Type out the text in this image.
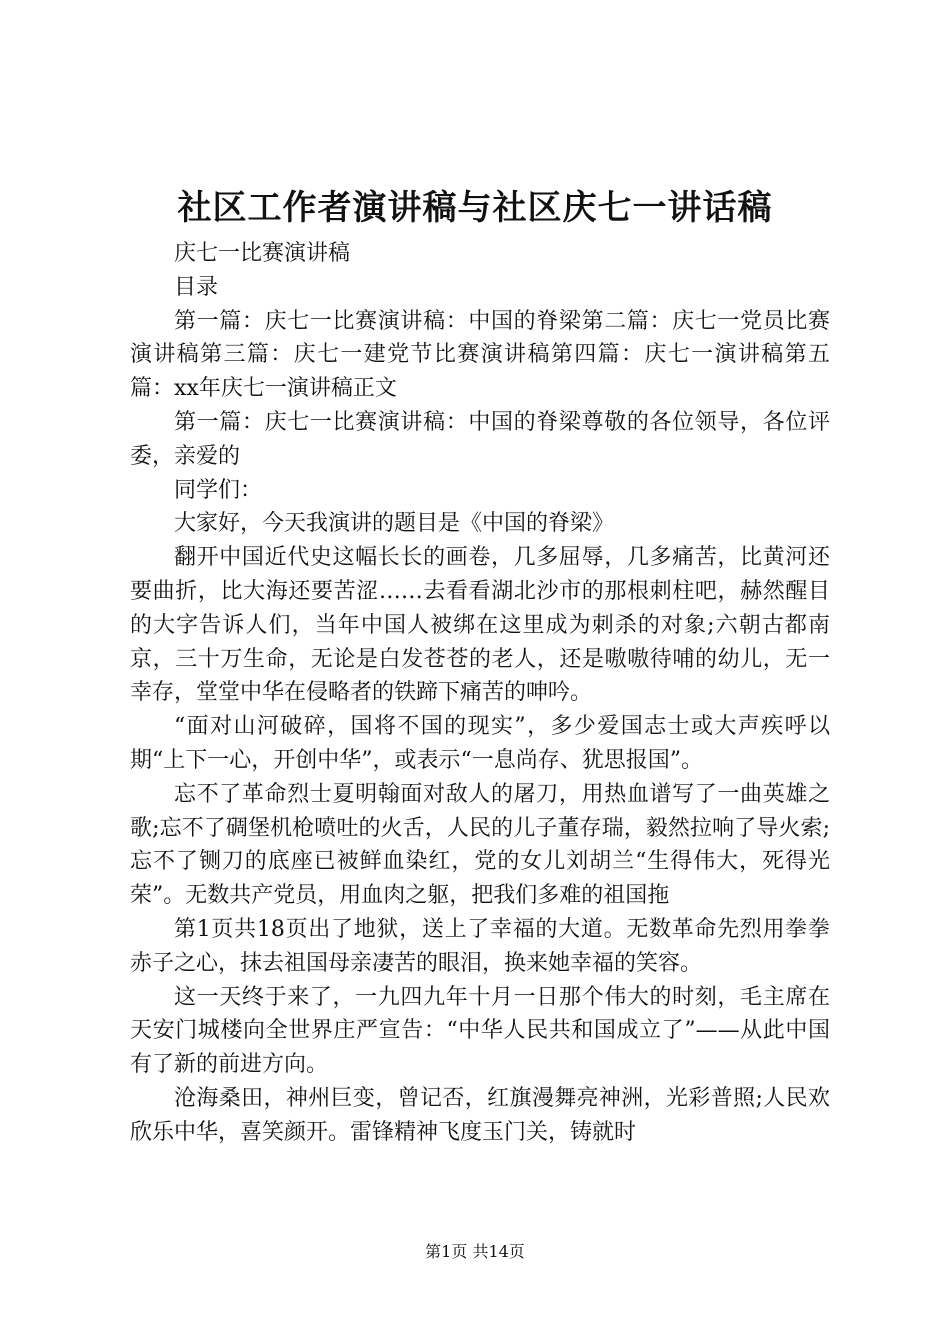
社区工作者演讲稿与社区庆七一讲话稿

庆七一比赛演讲稿

目录

第一篇：庆七一比赛演讲稿：中国的脊梁第二篇：庆七一党员比赛演讲稿第三篇：庆七一建党节比赛演讲稿第四篇：庆七一演讲稿第五篇：xx年庆七一演讲稿正文

第一篇：庆七一比赛演讲稿：中国的脊梁尊敬的各位领导，各位评委，亲爱的

同学们：

大家好，今天我演讲的题目是《中国的脊梁》

翻开中国近代史这幅长长的画卷，几多屈辱，几多痛苦，比黄河还要曲折，比大海还要苦涩……去看看湖北沙市的那根刺柱吧，赫然醒目的大字告诉人们，当年中国人被绑在这里成为刺杀的对象;六朝古都南京，三十万生命，无论是白发苍苍的老人，还是嗷嗷待哺的幼儿，无一幸存，堂堂中华在侵略者的铁蹄下痛苦的呻吟。

“面对山河破碎，国将不国的现实”，多少爱国志士或大声疾呼以期“上下一心，开创中华”，或表示“一息尚存、犹思报国”。

忘不了革命烈士夏明翰面对敌人的屠刀，用热血谱写了一曲英雄之歌;忘不了碉堡机枪喷吐的火舌，人民的儿子董存瑞，毅然拉响了导火索;忘不了铡刀的底座已被鲜血染红，党的女儿刘胡兰“生得伟大，死得光荣”。无数共产党员，用血肉之躯，把我们多难的祖国拖

第1页共18页出了地狱，送上了幸福的大道。无数革命先烈用拳拳赤子之心，抹去祖国母亲凄苦的眼泪，换来她幸福的笑容。

这一天终于来了，一九四九年十月一日那个伟大的时刻，毛主席在天安门城楼向全世界庄严宣告：“中华人民共和国成立了”——从此中国有了新的前进方向。

沧海桑田，神州巨变，曾记否，红旗漫舞亮神洲，光彩普照;人民欢欣乐中华，喜笑颜开。雷锋精神飞度玉门关，铸就时

第1页 共14页
